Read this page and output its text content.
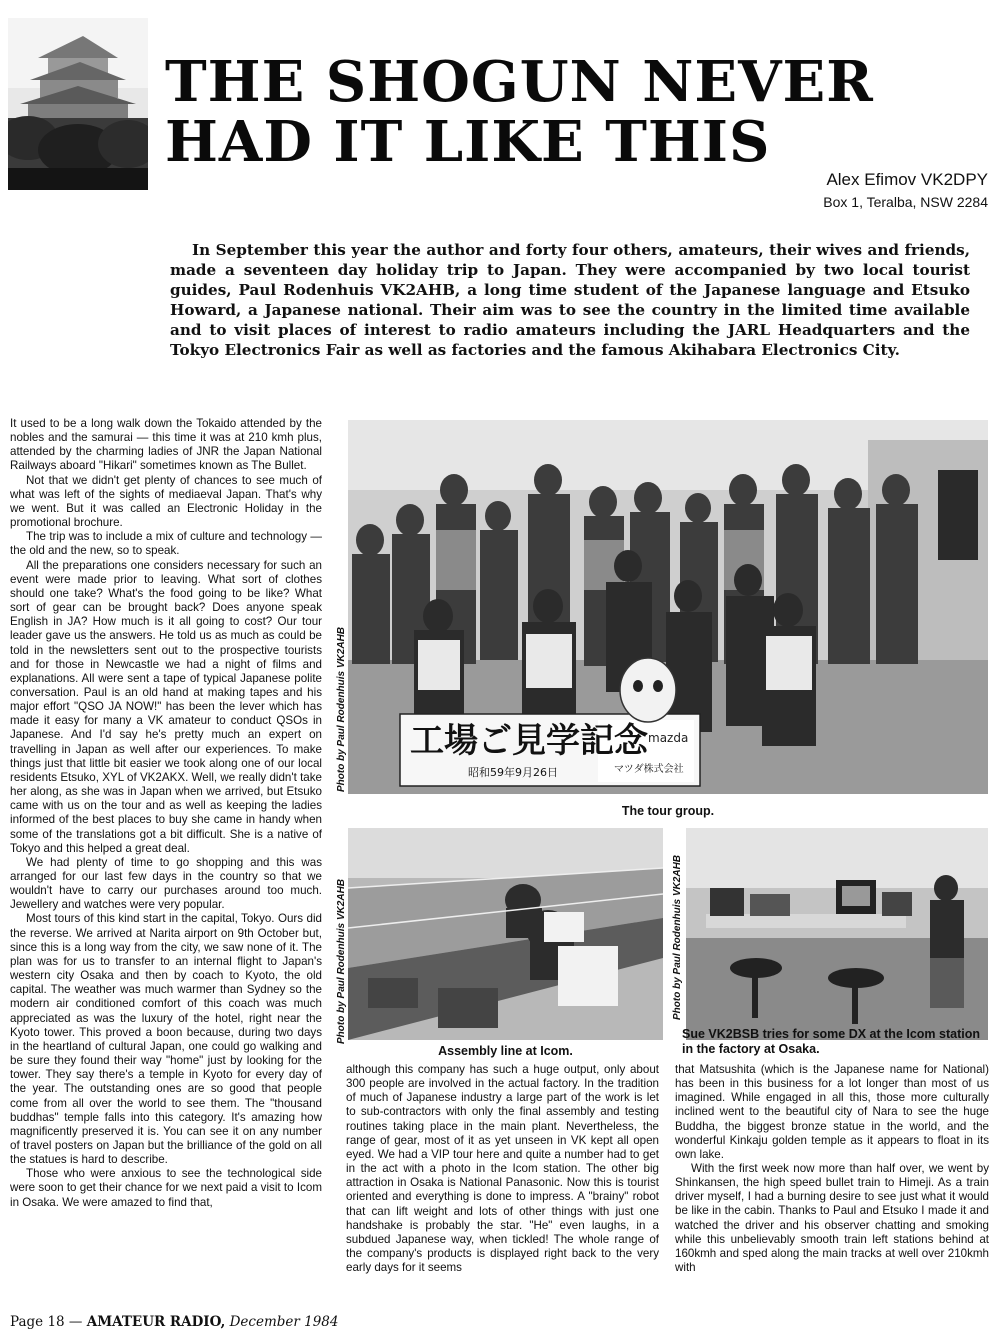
THE SHOGUN NEVER HAD IT LIKE THIS
Alex Efimov VK2DPY
Box 1, Teralba, NSW 2284

In September this year the author and forty four others, amateurs, their wives and friends, made a seventeen day holiday trip to Japan. They were accompanied by two local tourist guides, Paul Rodenhuis VK2AHB, a long time student of the Japanese language and Etsuko Howard, a Japanese national. Their aim was to see the country in the limited time available and to visit places of interest to radio amateurs including the JARL Headquarters and the Tokyo Electronics Fair as well as factories and the famous Akihabara Electronics City.

It used to be a long walk down the Tokaido attended by the nobles and the samurai — this time it was at 210 kmh plus, attended by the charming ladies of JNR the Japan National Railways aboard "Hikari" sometimes known as The Bullet.

Not that we didn't get plenty of chances to see much of what was left of the sights of mediaeval Japan. That's why we went. But it was called an Electronic Holiday in the promotional brochure.

The trip was to include a mix of culture and technology — the old and the new, so to speak.

All the preparations one considers necessary for such an event were made prior to leaving. What sort of clothes should one take? What's the food going to be like? What sort of gear can be brought back? Does anyone speak English in JA? How much is it all going to cost? Our tour leader gave us the answers. He told us as much as could be told in the newsletters sent out to the prospective tourists and for those in Newcastle we had a night of films and explanations. All were sent a tape of typical Japanese polite conversation. Paul is an old hand at making tapes and his major effort "QSO JA NOW!" has been the lever which has made it easy for many a VK amateur to conduct QSOs in Japanese. And I'd say he's pretty much an expert on travelling in Japan as well after our experiences. To make things just that little bit easier we took along one of our local residents Etsuko, XYL of VK2AKX. Well, we really didn't take her along, as she was in Japan when we arrived, but Etsuko came with us on the tour and as well as keeping the ladies informed of the best places to buy she came in handy when some of the translations got a bit difficult. She is a native of Tokyo and this helped a great deal.

We had plenty of time to go shopping and this was arranged for our last few days in the country so that we wouldn't have to carry our purchases around too much. Jewellery and watches were very popular.

Most tours of this kind start in the capital, Tokyo. Ours did the reverse. We arrived at Narita airport on 9th October but, since this is a long way from the city, we saw none of it. The plan was for us to transfer to an internal flight to Japan's western city Osaka and then by coach to Kyoto, the old capital. The weather was much warmer than Sydney so the modern air conditioned comfort of this coach was much appreciated as was the luxury of the hotel, right near the Kyoto tower. This proved a boon because, during two days in the heartland of cultural Japan, one could go walking and be sure they found their way "home" just by looking for the tower. They say there's a temple in Kyoto for every day of the year. The outstanding ones are so good that people come from all over the world to see them. The "thousand buddhas" temple falls into this category. It's amazing how magnificently preserved it is. You can see it on any number of travel posters on Japan but the brilliance of the gold on all the statues is hard to describe.

Those who were anxious to see the technological side were soon to get their chance for we next paid a visit to Icom in Osaka. We were amazed to find that,

工場ご見学記念
昭和59年9月26日
mazda
マツダ株式会社
Photo by Paul Rodenhuis VK2AHB
The tour group.
Photo by Paul Rodenhuis VK2AHB
Assembly line at Icom.
Photo by Paul Rodenhuis VK2AHB
Sue VK2BSB tries for some DX at the Icom station in the factory at Osaka.

although this company has such a huge output, only about 300 people are involved in the actual factory. In the tradition of much of Japanese industry a large part of the work is let to sub-contractors with only the final assembly and testing routines taking place in the main plant. Nevertheless, the range of gear, most of it as yet unseen in VK kept all open eyed. We had a VIP tour here and quite a number had to get in the act with a photo in the Icom station. The other big attraction in Osaka is National Panasonic. Now this is tourist oriented and everything is done to impress. A "brainy" robot that can lift weight and lots of other things with just one handshake is probably the star. "He" even laughs, in a subdued Japanese way, when tickled! The whole range of the company's products is displayed right back to the very early days for it seems

that Matsushita (which is the Japanese name for National) has been in this business for a lot longer than most of us imagined. While engaged in all this, those more culturally inclined went to the beautiful city of Nara to see the huge Buddha, the biggest bronze statue in the world, and the wonderful Kinkaju golden temple as it appears to float in its own lake.

With the first week now more than half over, we went by Shinkansen, the high speed bullet train to Himeji. As a train driver myself, I had a burning desire to see just what it would be like in the cabin. Thanks to Paul and Etsuko I made it and watched the driver and his observer chatting and smoking while this unbelievably smooth train left stations behind at 160kmh and sped along the main tracks at well over 210kmh with

Page 18 — AMATEUR RADIO, December 1984
